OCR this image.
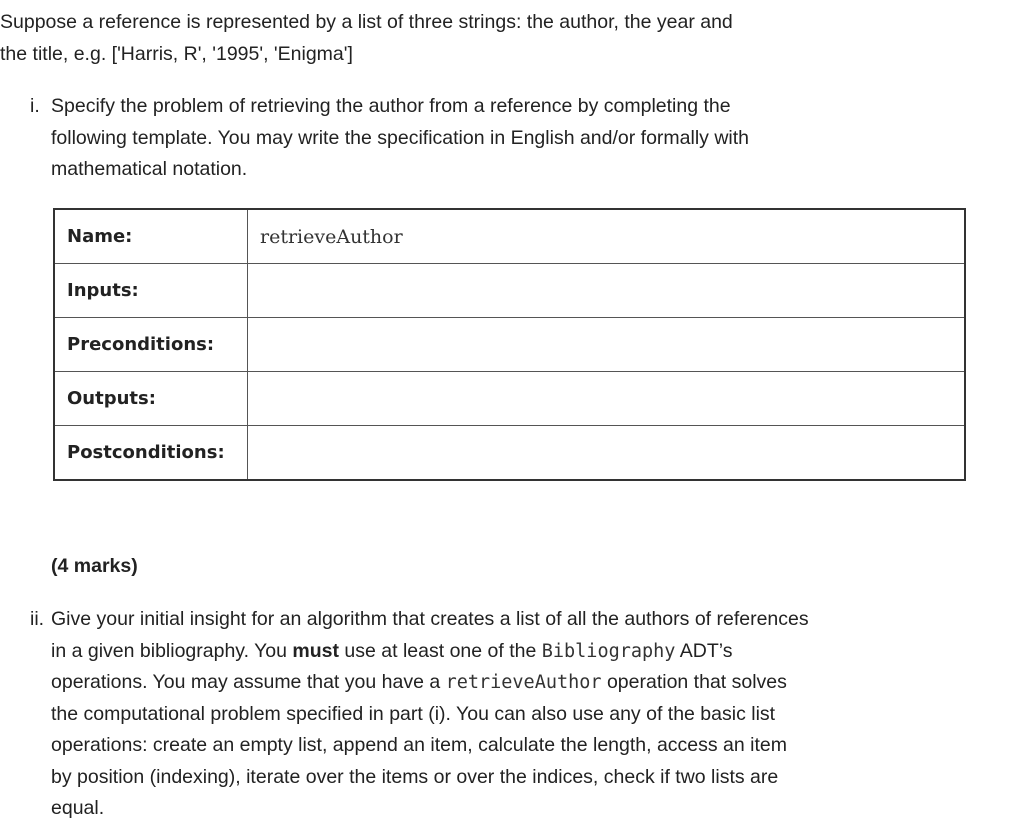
Suppose a reference is represented by a list of three strings: the author, the year and
the title, e.g. ['Harris, R', '1995', 'Enigma']
i. Specify the problem of retrieving the author from a reference by completing the following template. You may write the specification in English and/or formally with mathematical notation.
Name:	retrieveAuthor
Inputs:	
Preconditions:	
Outputs:	
Postconditions:	
(4 marks)
ii. Give your initial insight for an algorithm that creates a list of all the authors of references in a given bibliography. You must use at least one of the Bibliography ADT’s operations. You may assume that you have a retrieveAuthor operation that solves the computational problem specified in part (i). You can also use any of the basic list operations: create an empty list, append an item, calculate the length, access an item by position (indexing), iterate over the items or over the indices, check if two lists are equal.
